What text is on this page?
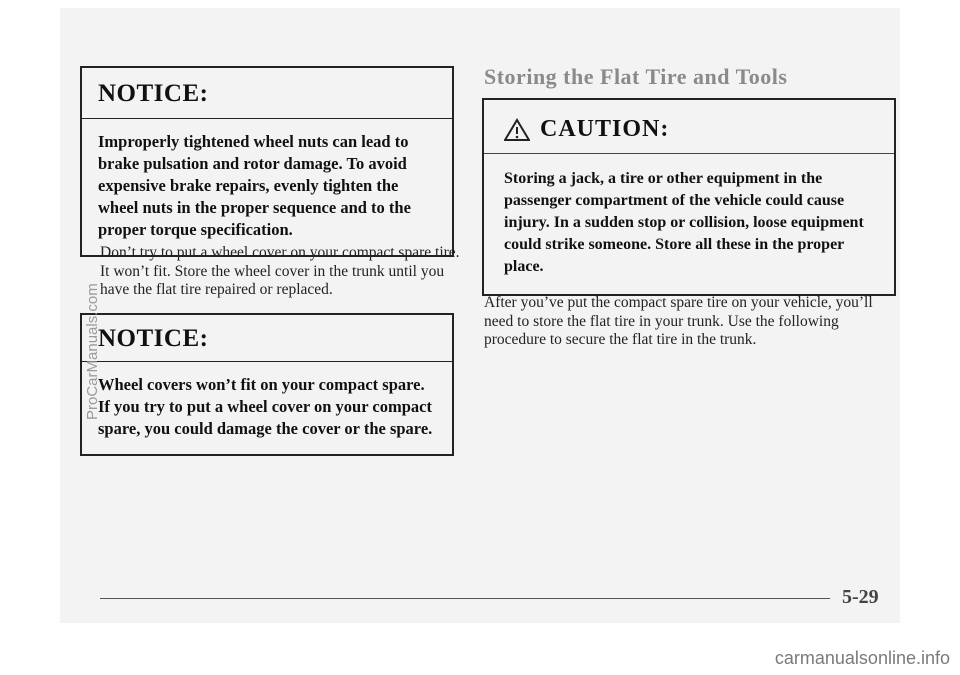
NOTICE:
Improperly tightened wheel nuts can lead to brake pulsation and rotor damage. To avoid expensive brake repairs, evenly tighten the wheel nuts in the proper sequence and to the proper torque specification.
Don’t try to put a wheel cover on your compact spare tire. It won’t fit. Store the wheel cover in the trunk until you have the flat tire repaired or replaced.
NOTICE:
Wheel covers won’t fit on your compact spare. If you try to put a wheel cover on your compact spare, you could damage the cover or the spare.
Storing the Flat Tire and Tools
CAUTION:
Storing a jack, a tire or other equipment in the passenger compartment of the vehicle could cause injury. In a sudden stop or collision, loose equipment could strike someone. Store all these in the proper place.
After you’ve put the compact spare tire on your vehicle, you’ll need to store the flat tire in your trunk. Use the following procedure to secure the flat tire in the trunk.
5-29
ProCarManuals.com
carmanualsonline.info
